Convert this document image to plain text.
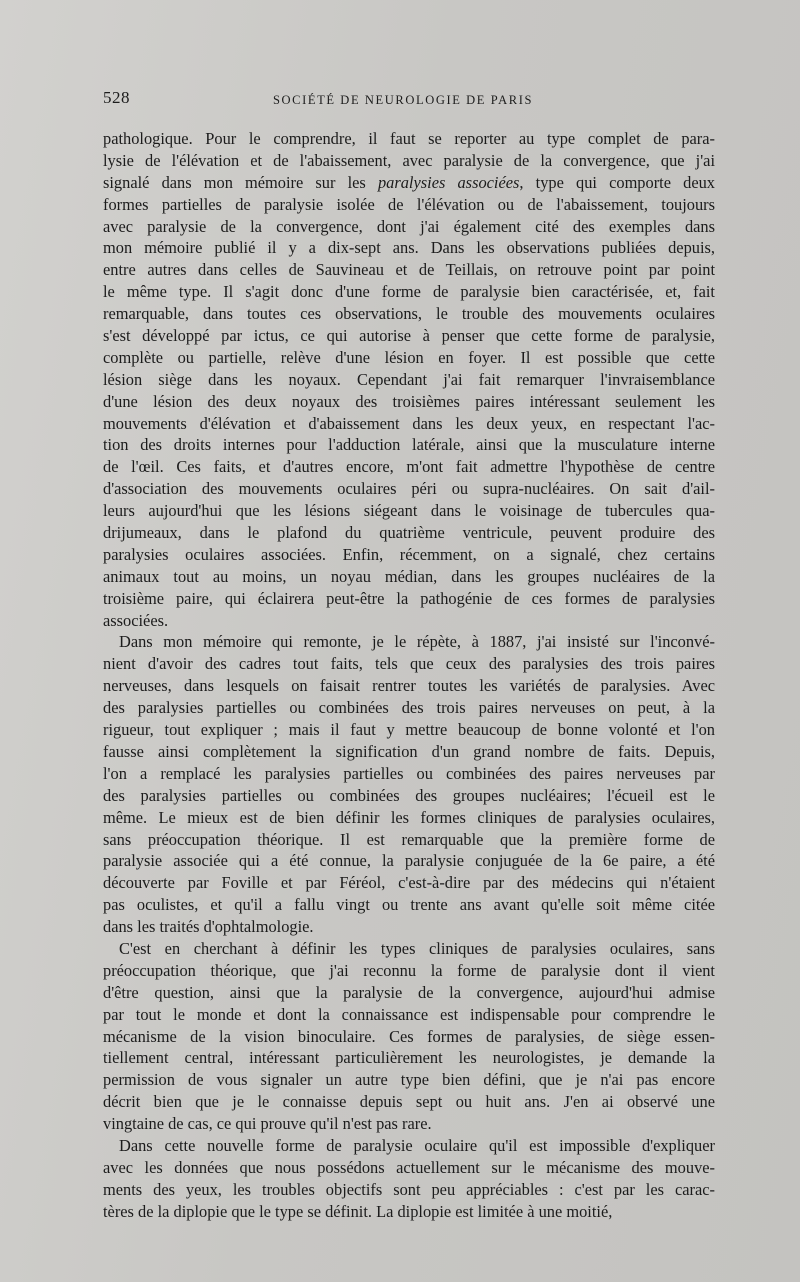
528	SOCIÉTÉ DE NEUROLOGIE DE PARIS
pathologique. Pour le comprendre, il faut se reporter au type complet de para-
lysie de l'élévation et de l'abaissement, avec paralysie de la convergence, que j'ai
signalé dans mon mémoire sur les paralysies associées, type qui comporte deux
formes partielles de paralysie isolée de l'élévation ou de l'abaissement, toujours
avec paralysie de la convergence, dont j'ai également cité des exemples dans
mon mémoire publié il y a dix-sept ans. Dans les observations publiées depuis,
entre autres dans celles de Sauvineau et de Teillais, on retrouve point par point
le même type. Il s'agit donc d'une forme de paralysie bien caractérisée, et, fait
remarquable, dans toutes ces observations, le trouble des mouvements oculaires
s'est développé par ictus, ce qui autorise à penser que cette forme de paralysie,
complète ou partielle, relève d'une lésion en foyer. Il est possible que cette
lésion siège dans les noyaux. Cependant j'ai fait remarquer l'invraisemblance
d'une lésion des deux noyaux des troisièmes paires intéressant seulement les
mouvements d'élévation et d'abaissement dans les deux yeux, en respectant l'ac-
tion des droits internes pour l'adduction latérale, ainsi que la musculature interne
de l'œil. Ces faits, et d'autres encore, m'ont fait admettre l'hypothèse de centre
d'association des mouvements oculaires péri ou supra-nucléaires. On sait d'ail-
leurs aujourd'hui que les lésions siégeant dans le voisinage de tubercules qua-
drijumeaux, dans le plafond du quatrième ventricule, peuvent produire des
paralysies oculaires associées. Enfin, récemment, on a signalé, chez certains
animaux tout au moins, un noyau médian, dans les groupes nucléaires de la
troisième paire, qui éclairera peut-être la pathogénie de ces formes de paralysies
associées.
Dans mon mémoire qui remonte, je le répète, à 1887, j'ai insisté sur l'inconvé-
nient d'avoir des cadres tout faits, tels que ceux des paralysies des trois paires
nerveuses, dans lesquels on faisait rentrer toutes les variétés de paralysies. Avec
des paralysies partielles ou combinées des trois paires nerveuses on peut, à la
rigueur, tout expliquer ; mais il faut y mettre beaucoup de bonne volonté et l'on
fausse ainsi complètement la signification d'un grand nombre de faits. Depuis,
l'on a remplacé les paralysies partielles ou combinées des paires nerveuses par
des paralysies partielles ou combinées des groupes nucléaires; l'écueil est le
même. Le mieux est de bien définir les formes cliniques de paralysies oculaires,
sans préoccupation théorique. Il est remarquable que la première forme de
paralysie associée qui a été connue, la paralysie conjuguée de la 6e paire, a été
découverte par Foville et par Féréol, c'est-à-dire par des médecins qui n'étaient
pas oculistes, et qu'il a fallu vingt ou trente ans avant qu'elle soit même citée
dans les traités d'ophtalmologie.
C'est en cherchant à définir les types cliniques de paralysies oculaires, sans
préoccupation théorique, que j'ai reconnu la forme de paralysie dont il vient
d'être question, ainsi que la paralysie de la convergence, aujourd'hui admise
par tout le monde et dont la connaissance est indispensable pour comprendre le
mécanisme de la vision binoculaire. Ces formes de paralysies, de siège essen-
tiellement central, intéressant particulièrement les neurologistes, je demande la
permission de vous signaler un autre type bien défini, que je n'ai pas encore
décrit bien que je le connaisse depuis sept ou huit ans. J'en ai observé une
vingtaine de cas, ce qui prouve qu'il n'est pas rare.
Dans cette nouvelle forme de paralysie oculaire qu'il est impossible d'expliquer
avec les données que nous possédons actuellement sur le mécanisme des mouve-
ments des yeux, les troubles objectifs sont peu appréciables : c'est par les carac-
tères de la diplopie que le type se définit. La diplopie est limitée à une moitié,
